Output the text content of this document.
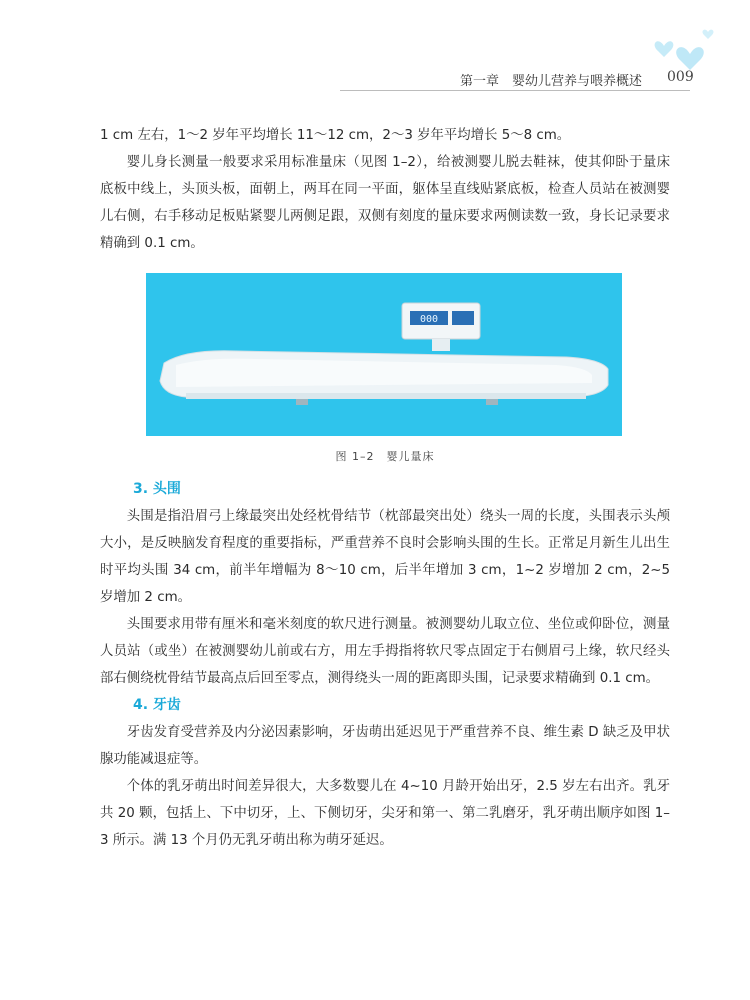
第一章 婴幼儿营养与喂养概述 009

1 cm 左右，1～2 岁年平均增长 11～12 cm，2～3 岁年平均增长 5～8 cm。

婴儿身长测量一般要求采用标准量床（见图 1–2），给被测婴儿脱去鞋袜，使其仰卧于量床底板中线上，头顶头板，面朝上，两耳在同一平面，躯体呈直线贴紧底板，检查人员站在被测婴儿右侧，右手移动足板贴紧婴儿两侧足跟，双侧有刻度的量床要求两侧读数一致，身长记录要求精确到 0.1 cm。

000
图 1–2　婴儿量床

3. 头围

头围是指沿眉弓上缘最突出处经枕骨结节（枕部最突出处）绕头一周的长度，头围表示头颅大小，是反映脑发育程度的重要指标，严重营养不良时会影响头围的生长。正常足月新生儿出生时平均头围 34 cm，前半年增幅为 8～10 cm，后半年增加 3 cm，1~2 岁增加 2 cm，2~5 岁增加 2 cm。

头围要求用带有厘米和毫米刻度的软尺进行测量。被测婴幼儿取立位、坐位或仰卧位，测量人员站（或坐）在被测婴幼儿前或右方，用左手拇指将软尺零点固定于右侧眉弓上缘，软尺经头部右侧绕枕骨结节最高点后回至零点，测得绕头一周的距离即头围，记录要求精确到 0.1 cm。

4. 牙齿

牙齿发育受营养及内分泌因素影响，牙齿萌出延迟见于严重营养不良、维生素 D 缺乏及甲状腺功能减退症等。

个体的乳牙萌出时间差异很大，大多数婴儿在 4~10 月龄开始出牙，2.5 岁左右出齐。乳牙共 20 颗，包括上、下中切牙，上、下侧切牙，尖牙和第一、第二乳磨牙，乳牙萌出顺序如图 1–3 所示。满 13 个月仍无乳牙萌出称为萌牙延迟。
